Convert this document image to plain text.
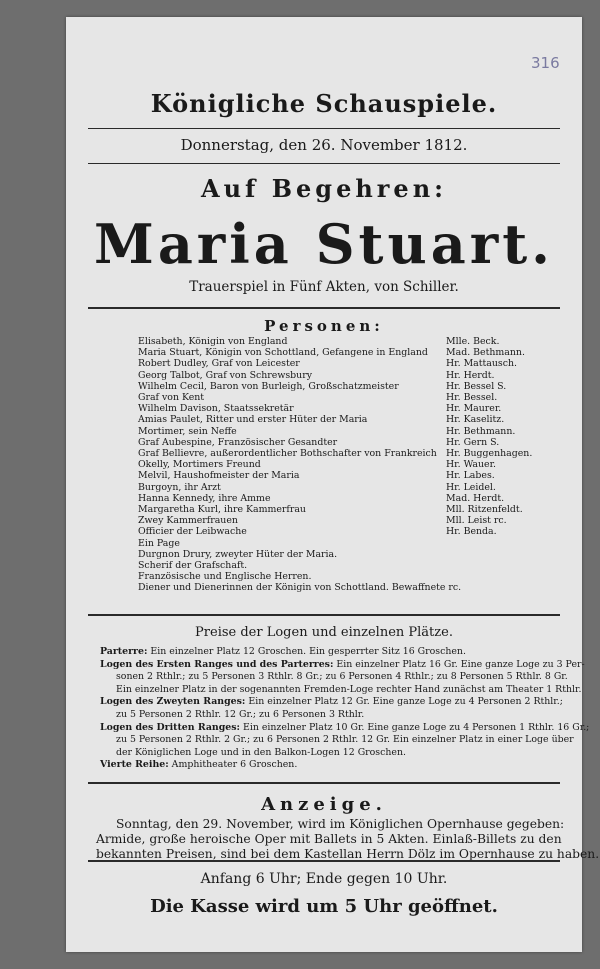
316
Königliche Schauspiele.
Donnerstag, den 26. November 1812.
Auf Begehren:
Maria Stuart.
Trauerspiel in Fünf Akten, von Schiller.
Personen:
Elisabeth, Königin von England	Mlle. Beck.
Maria Stuart, Königin von Schottland, Gefangene in England Mad. Bethmann.
Robert Dudley, Graf von Leicester	Hr. Mattausch.
Georg Talbot, Graf von Schrewsbury	Hr. Herdt.
Wilhelm Cecil, Baron von Burleigh, Großschatzmeister	Hr. Bessel S.
Graf von Kent	Hr. Bessel.
Wilhelm Davison, Staatssekretär	Hr. Maurer.
Amias Paulet, Ritter und erster Hüter der Maria	Hr. Kaselitz.
Mortimer, sein Neffe	Hr. Bethmann.
Graf Aubespine, Französischer Gesandter	Hr. Gern S.
Graf Bellievre, außerordentlicher Bothschafter von Frankreich Hr. Buggenhagen.
Okelly, Mortimers Freund	Hr. Wauer.
Melvil, Haushofmeister der Maria	Hr. Labes.
Burgoyn, ihr Arzt	Hr. Leidel.
Hanna Kennedy, ihre Amme	Mad. Herdt.
Margaretha Kurl, ihre Kammerfrau	Mll. Ritzenfeldt.
Zwey Kammerfrauen	Mll. Leist rc.
Officier der Leibwache	Hr. Benda.
Ein Page
Durgnon Drury, zweyter Hüter der Maria.
Scherif der Grafschaft.
Französische und Englische Herren.
Diener und Dienerinnen der Königin von Schottland. Bewaffnete rc.
Preise der Logen und einzelnen Plätze.
Parterre: Ein einzelner Platz 12 Groschen. Ein gesperrter Sitz 16 Groschen.
Logen des Ersten Ranges und des Parterres: Ein einzelner Platz 16 Gr. Eine ganze Loge zu 3 Per-
sonen 2 Rthlr.; zu 5 Personen 3 Rthlr. 8 Gr.; zu 6 Personen 4 Rthlr.; zu 8 Personen 5 Rthlr. 8 Gr.
Ein einzelner Platz in der sogenannten Fremden-Loge rechter Hand zunächst am Theater 1 Rthlr.
Logen des Zweyten Ranges: Ein einzelner Platz 12 Gr. Eine ganze Loge zu 4 Personen 2 Rthlr.;
zu 5 Personen 2 Rthlr. 12 Gr.; zu 6 Personen 3 Rthlr.
Logen des Dritten Ranges: Ein einzelner Platz 10 Gr. Eine ganze Loge zu 4 Personen 1 Rthlr. 16 Gr.;
zu 5 Personen 2 Rthlr. 2 Gr.; zu 6 Personen 2 Rthlr. 12 Gr. Ein einzelner Platz in einer Loge über
der Königlichen Loge und in den Balkon-Logen 12 Groschen.
Vierte Reihe: Amphitheater 6 Groschen.
Anzeige.
Sonntag, den 29. November, wird im Königlichen Opernhause gegeben:
Armide, große heroische Oper mit Ballets in 5 Akten. Einlaß-Billets zu den
bekannten Preisen, sind bei dem Kastellan Herrn Dölz im Opernhause zu haben.
Anfang 6 Uhr; Ende gegen 10 Uhr.
Die Kasse wird um 5 Uhr geöffnet.
